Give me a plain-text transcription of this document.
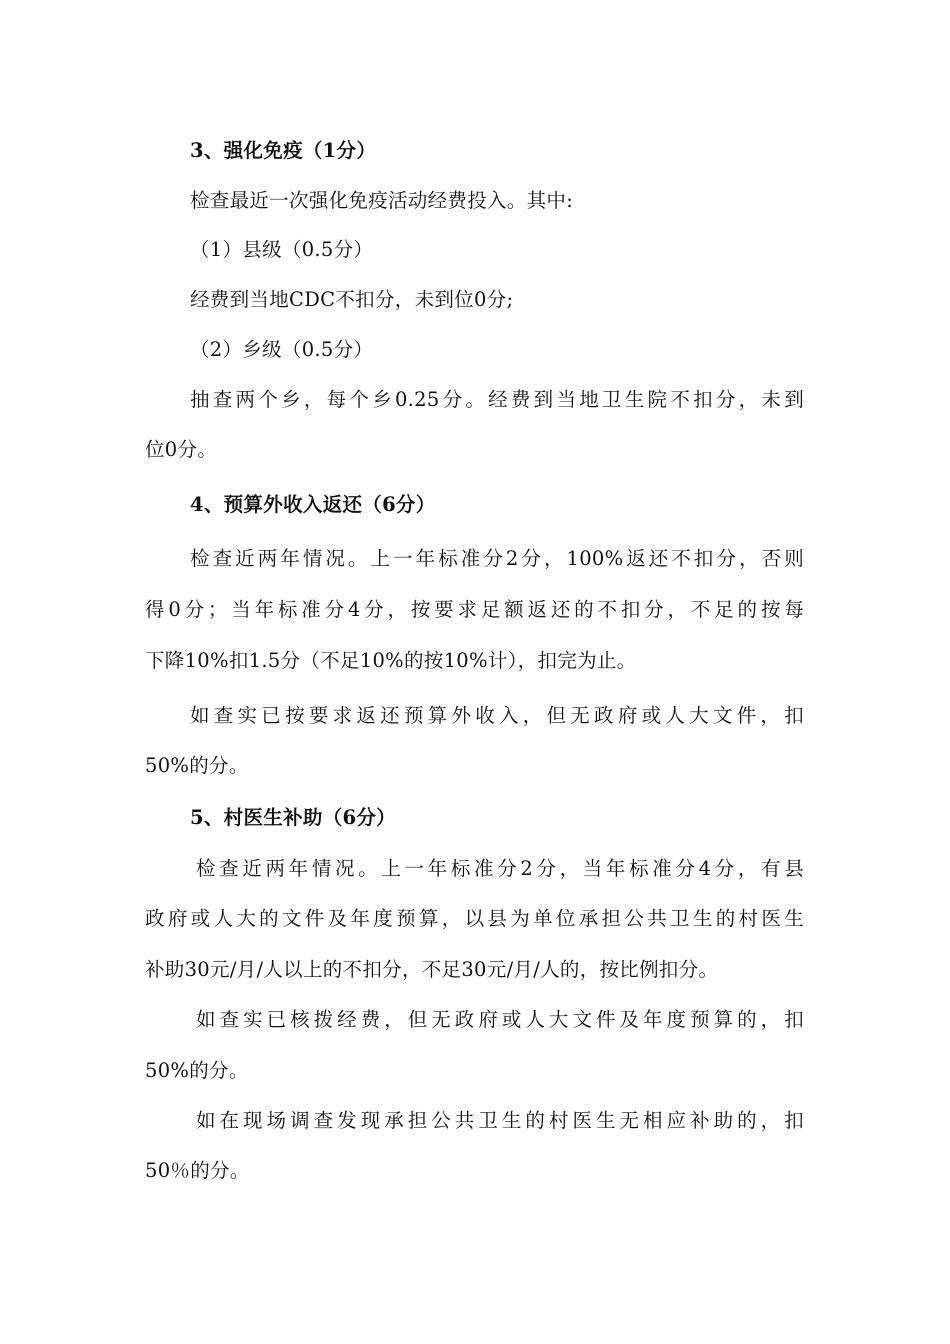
3、强化免疫（1分）
检查最近一次强化免疫活动经费投入。其中:
（1）县级（0.5分）
经费到当地CDC不扣分，未到位0分;
（2）乡级（0.5分）
抽查两个乡，每个乡0.25分。经费到当地卫生院不扣分，未到
位0分。
4、预算外收入返还（6分）
检查近两年情况。上一年标准分2分，100%返还不扣分，否则
得0分；当年标准分4分，按要求足额返还的不扣分，不足的按每
下降10%扣1.5分（不足10%的按10%计），扣完为止。
如查实已按要求返还预算外收入，但无政府或人大文件，扣
50%的分。
5、村医生补助（6分）
检查近两年情况。上一年标准分2分，当年标准分4分，有县
政府或人大的文件及年度预算，以县为单位承担公共卫生的村医生
补助30元/月/人以上的不扣分，不足30元/月/人的，按比例扣分。
如查实已核拨经费，但无政府或人大文件及年度预算的，扣
50%的分。
如在现场调查发现承担公共卫生的村医生无相应补助的，扣
50％的分。
